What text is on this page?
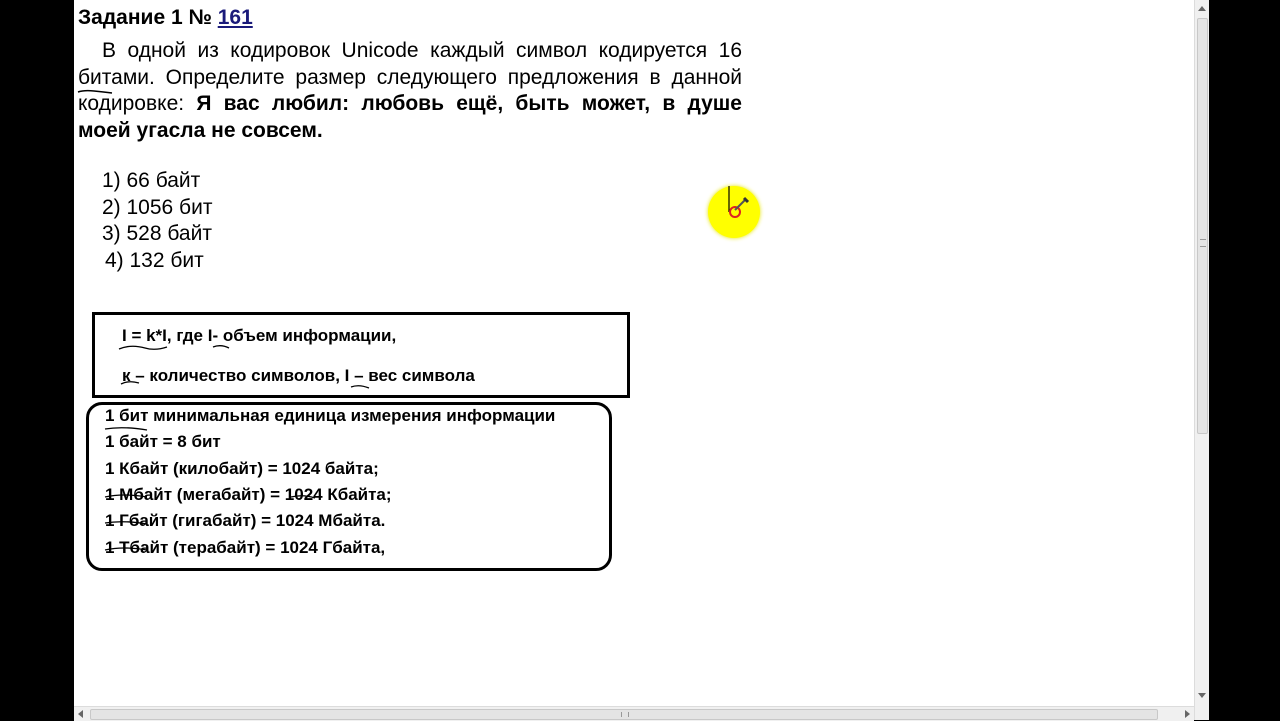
Задание 1 № 161
В одной из кодировок Unicode каждый символ кодируется 16 битами. Определите размер следующего предложения в данной кодировке: Я вас любил: любовь ещё, быть может, в душе моей угасла не совсем.
1) 66 байт
2) 1056 бит
3) 528 байт
4) 132 бит
I = k*I, где I- объем информации,
к – количество символов, I – вес символа
1 бит минимальная единица измерения информации
1 байт = 8 бит
1 Кбайт (килобайт) = 1024 байта;
1 Мбайт (мегабайт) = 1024 Кбайта;
1 Гбайт (гигабайт) = 1024 Мбайта.
1 Тбайт (терабайт) = 1024 Гбайта,
